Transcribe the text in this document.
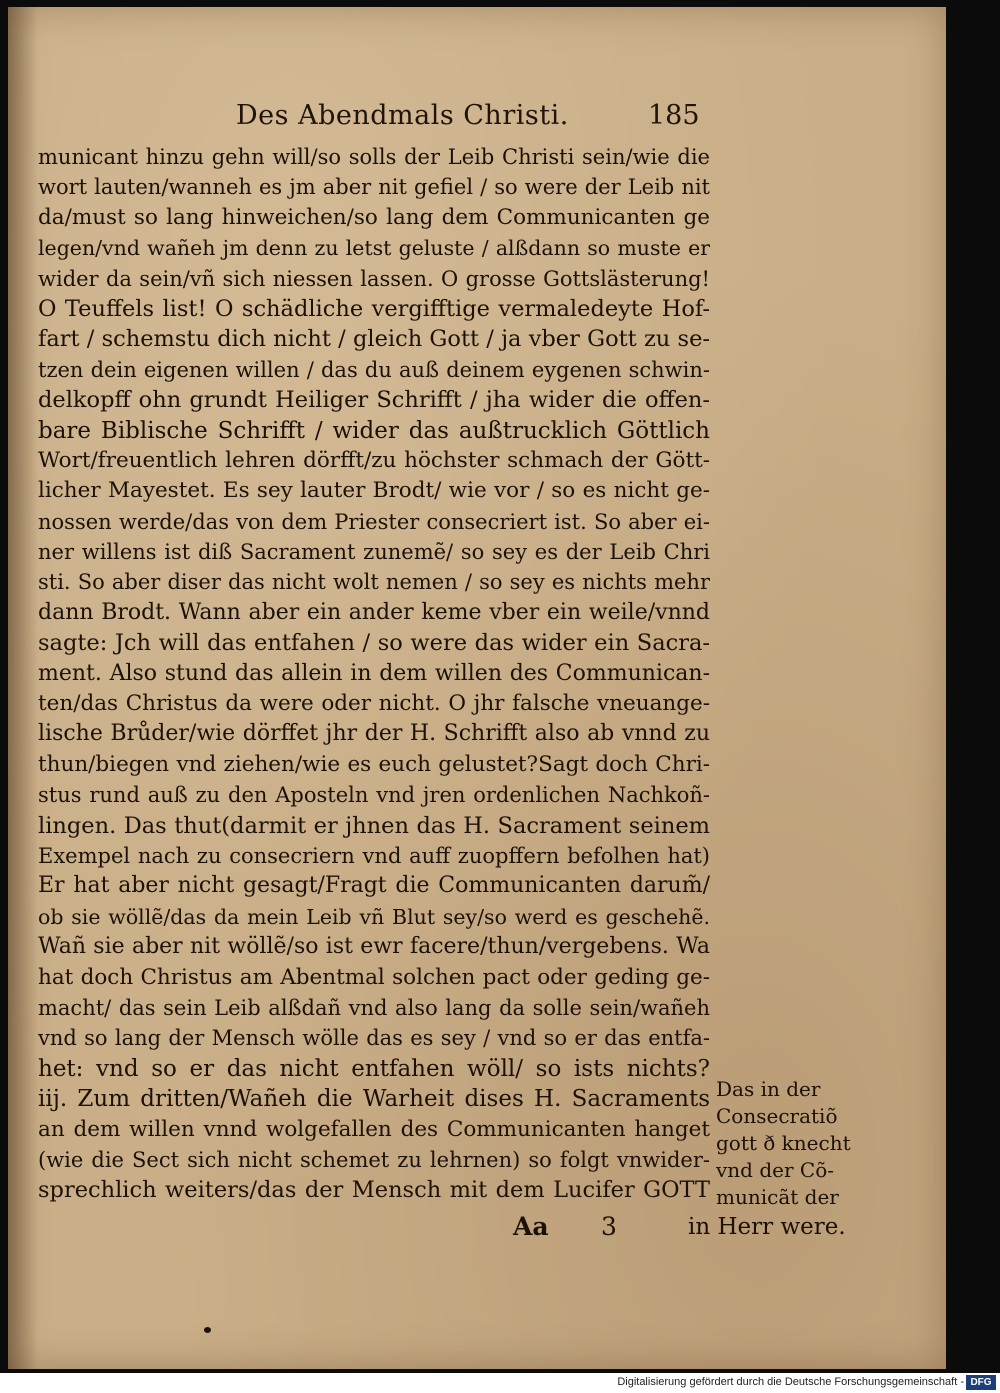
Des Abendmals Christi.	185
municant hinzu gehn will/so solls der Leib Christi sein/wie die
wort lauten/wanneh es jm aber nit gefiel / so were der Leib nit
da/must so lang hinweichen/so lang dem Communicanten ge
legen/vnd wañeh jm denn zu letst geluste / alßdann so muste er
wider da sein/vñ sich niessen lassen. O grosse Gottslästerung!
O Teuffels list! O schädliche vergifftige vermaledeyte Hof-
fart / schemstu dich nicht / gleich Gott / ja vber Gott zu se-
tzen dein eigenen willen / das du auß deinem eygenen schwin-
delkopff ohn grundt Heiliger Schrifft / jha wider die offen-
bare Biblische Schrifft / wider das außtrucklich Göttlich
Wort/freuentlich lehren dörfft/zu höchster schmach der Gött-
licher Mayestet. Es sey lauter Brodt/ wie vor / so es nicht ge-
nossen werde/das von dem Priester consecriert ist. So aber ei-
ner willens ist diß Sacrament zunemẽ/ so sey es der Leib Chri
sti. So aber diser das nicht wolt nemen / so sey es nichts mehr
dann Brodt. Wann aber ein ander keme vber ein weile/vnnd
sagte: Jch will das entfahen / so were das wider ein Sacra-
ment. Also stund das allein in dem willen des Communican-
ten/das Christus da were oder nicht. O jhr falsche vneuange-
lische Brůder/wie dörffet jhr der H. Schrifft also ab vnnd zu
thun/biegen vnd ziehen/wie es euch gelustet?Sagt doch Chri-
stus rund auß zu den Aposteln vnd jren ordenlichen Nachkoñ-
lingen. Das thut(darmit er jhnen das H. Sacrament seinem
Exempel nach zu consecriern vnd auff zuopffern befolhen hat)
Er hat aber nicht gesagt/Fragt die Communicanten darum̃/
ob sie wöllẽ/das da mein Leib vñ Blut sey/so werd es geschehẽ.
Wañ sie aber nit wöllẽ/so ist ewr facere/thun/vergebens. Wa
hat doch Christus am Abentmal solchen pact oder geding ge-
macht/ das sein Leib alßdañ vnd also lang da solle sein/wañeh
vnd so lang der Mensch wölle das es sey / vnd so er das entfa-
het: vnd so er das nicht entfahen wöll/ so ists nichts?
iij. Zum dritten/Wañeh die Warheit dises H. Sacraments
an dem willen vnnd wolgefallen des Communicanten hanget
(wie die Sect sich nicht schemet zu lehrnen) so folgt vnwider-
sprechlich weiters/das der Mensch mit dem Lucifer GOTT
Das in der
Consecratiõ
gott ð knecht
vnd der Cõ-
municãt der
Aa 3	in Herr were.
Digitalisierung gefördert durch die Deutsche Forschungsgemeinschaft - DFG
